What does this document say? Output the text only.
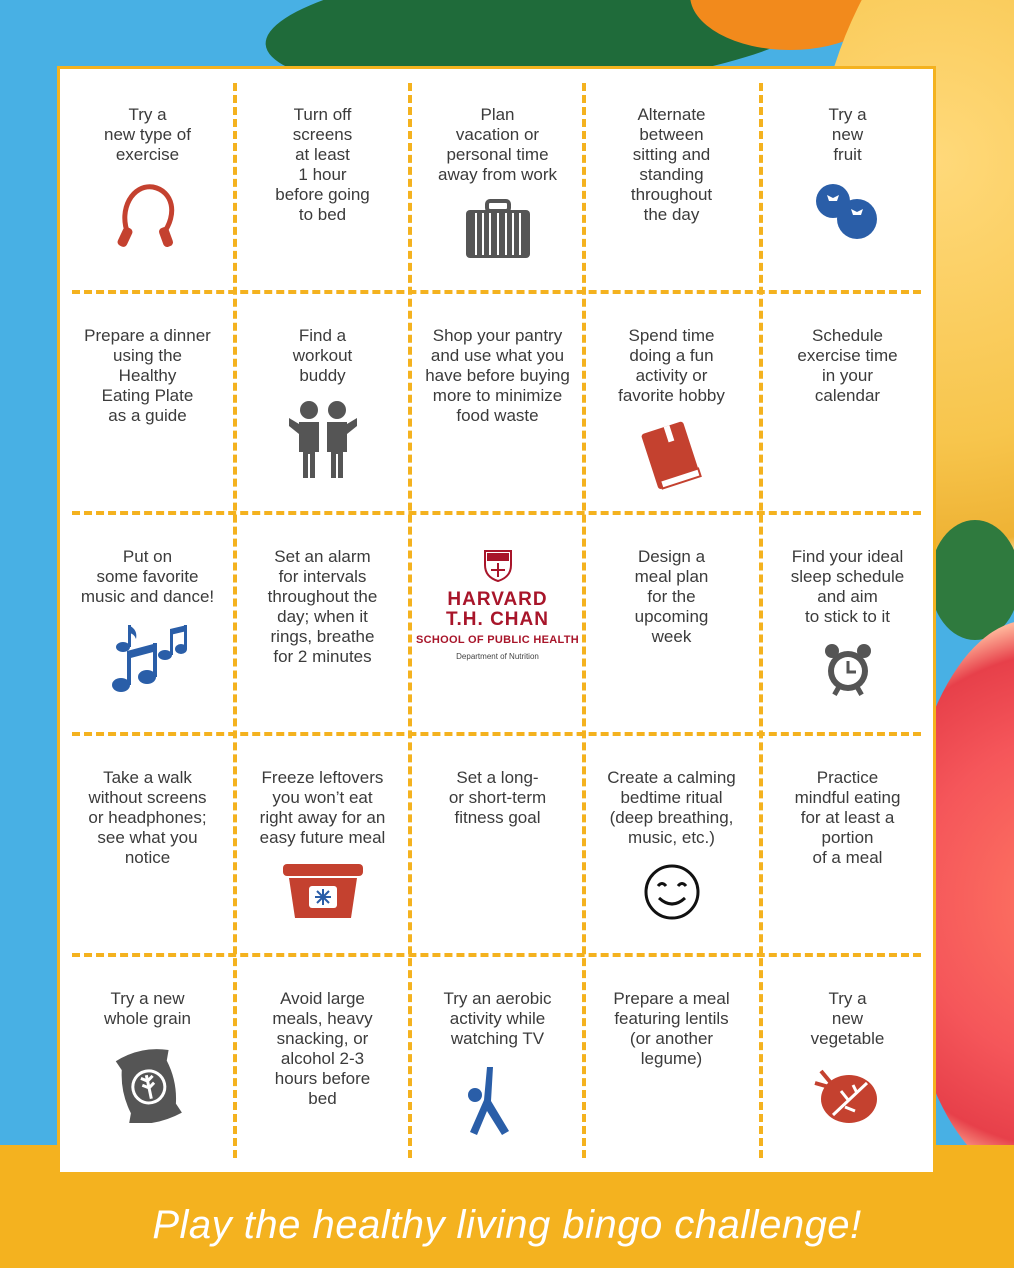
Try a
new type of
exercise
Turn off
screens
at least
1 hour
before going
to bed
Plan
vacation or
personal time
away from work
Alternate
between
sitting and
standing
throughout
the day
Try a
new
fruit
Prepare a dinner
using the
Healthy
Eating Plate
as a guide
Find a
workout
buddy
Shop your pantry
and use what you
have before buying
more to minimize
food waste
Spend time
doing a fun
activity or
favorite hobby
Schedule
exercise time
in your
calendar
Put on
some favorite
music and dance!
Set an alarm
for intervals
throughout the
day; when it
rings, breathe
for 2 minutes
HARVARD
T.H. CHAN
SCHOOL OF PUBLIC HEALTH
Department of Nutrition
Design a
meal plan
for the
upcoming
week
Find your ideal
sleep schedule
and aim
to stick to it
Take a walk
without screens
or headphones;
see what you
notice
Freeze leftovers
you won’t eat
right away for an
easy future meal
Set a long-
or short-term
fitness goal
Create a calming
bedtime ritual
(deep breathing,
music, etc.)
Practice
mindful eating
for at least a
portion
of a meal
Try a new
whole grain
Avoid large
meals, heavy
snacking, or
alcohol 2-3
hours before
bed
Try an aerobic
activity while
watching TV
Prepare a meal
featuring lentils
(or another
legume)
Try a
new
vegetable
Play the healthy living bingo challenge!
